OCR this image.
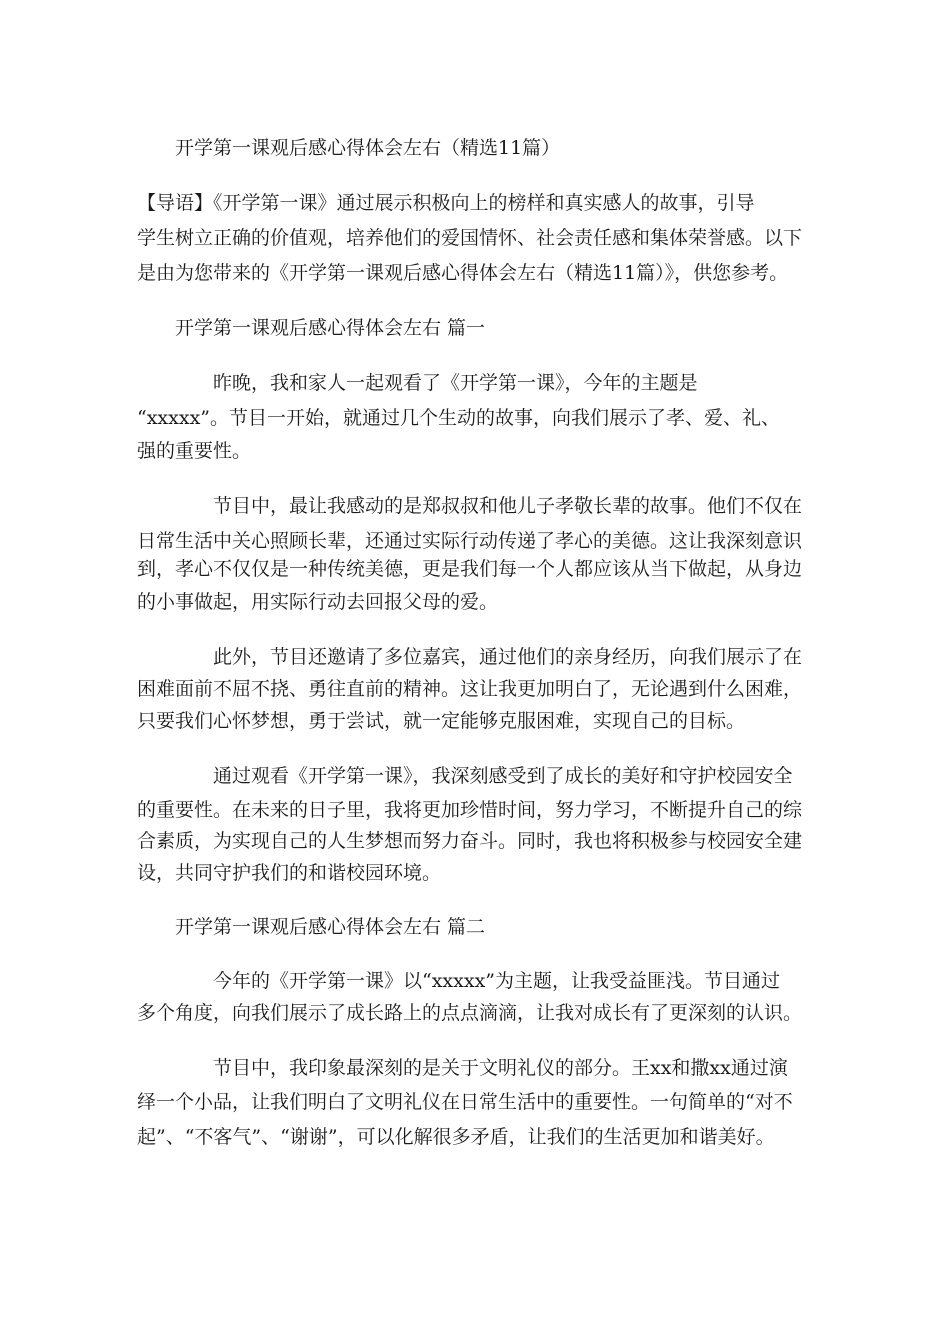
开学第一课观后感心得体会左右（精选11篇）
【导语】《开学第一课》通过展示积极向上的榜样和真实感人的故事，引导
学生树立正确的价值观，培养他们的爱国情怀、社会责任感和集体荣誉感。以下
是由为您带来的《开学第一课观后感心得体会左右（精选11篇）》，供您参考。
开学第一课观后感心得体会左右 篇一
昨晚，我和家人一起观看了《开学第一课》，今年的主题是
“xxxxx”。节目一开始，就通过几个生动的故事，向我们展示了孝、爱、礼、
强的重要性。
节目中，最让我感动的是郑叔叔和他儿子孝敬长辈的故事。他们不仅在
日常生活中关心照顾长辈，还通过实际行动传递了孝心的美德。这让我深刻意识
到，孝心不仅仅是一种传统美德，更是我们每一个人都应该从当下做起，从身边
的小事做起，用实际行动去回报父母的爱。
此外，节目还邀请了多位嘉宾，通过他们的亲身经历，向我们展示了在
困难面前不屈不挠、勇往直前的精神。这让我更加明白了，无论遇到什么困难，
只要我们心怀梦想，勇于尝试，就一定能够克服困难，实现自己的目标。
通过观看《开学第一课》，我深刻感受到了成长的美好和守护校园安全
的重要性。在未来的日子里，我将更加珍惜时间，努力学习，不断提升自己的综
合素质，为实现自己的人生梦想而努力奋斗。同时，我也将积极参与校园安全建
设，共同守护我们的和谐校园环境。
开学第一课观后感心得体会左右 篇二
今年的《开学第一课》以“xxxxx”为主题，让我受益匪浅。节目通过
多个角度，向我们展示了成长路上的点点滴滴，让我对成长有了更深刻的认识。
节目中，我印象最深刻的是关于文明礼仪的部分。王xx和撒xx通过演
绎一个小品，让我们明白了文明礼仪在日常生活中的重要性。一句简单的“对不
起”、“不客气”、“谢谢”，可以化解很多矛盾，让我们的生活更加和谐美好。
